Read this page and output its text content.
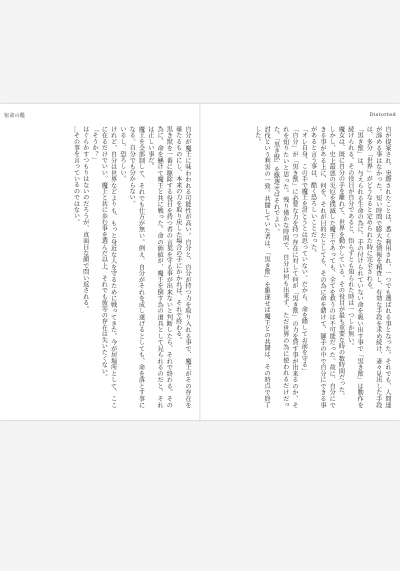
宿命の檻	Distorted
自が提案され、実際されたことは、悉く利用され、一つでも選ばれる事となった。それでも、人間達が諦める事はなかった。短い時間で膨大な情報を精査し、有効な手段を求め続け、妻々見出した手段は、多分「世界」がどうなると定められた時に完全される。
「黒き獣」は、与えられる生命の為に、手の付けられていない命を吸い出す事で「黒き獣」は動作を続けられる。その役目が自分であると、悟らずとも知られた時は一つしか無い。
魔女は、既に自分の手を離れて、世界を動かしている。その役目が最も重要な時の数時間だった。
しかし、史上最悪の災厄を撲滅した魔王であっても、全てを救うのは不可能だった。故に、自分にできる事がある上に、何を、それが目的だとしても、その為に命を賭けて、御手の中で自分にできる事があると言う事は、酷く恐ろしいことだった。
「オレ自身、この手で魔王を討とうとは思っていない。だから、命を賭してお前を守る」
「自分」が「黒き獣」に必要な力を持つ存在に対して何が「黒き獣」の力を貸す事が出来るのか、それを知りたいと思った。残り僅かな時間で、自分は何も出来ず、ただ世界の為に使われるだけだった。「黒き獣」を駆逐せばそれでよい。
討伐という利害の一致。共闘していた者は、「黒き獣」を駆逐せば魔王との共闘は、その時点で終了した。
自分が魔王に味わわれる可能性が高い。自分と、自分が持つ力を取り入れる事で、魔王がその存在を確たるものにし、本来の力を取り戻した場合の手にかかれば、それで終わる。
黒き獣を一番に駆除する役目を持つ者の言葉を守る事が出来ないと判断したら、それで終わる。その為に、命を懸けて魔王と共に戦った。命の価値が、魔王を倒す為の道具として見られるのだと、それは正しい事だ。
魔王を全部制して、それでも仕方が無い。例え、自分がそれを成し遂げるとしても、命を落とす事になる。自分でも分からない。
いるし、恐ろしい。
けれど、自分は世界などよりも、もっと身近な人を守るために戦ってきた。今が居場所として、ここに在るだけでいい。魔王と共に歩む事を選んだ以上、それでも彼等の存在は失いたくない。
「そうか？」
はぐらかすつもりはないのだろうが、真面目な顔で問い返される。
…その事を言っているのではない。
